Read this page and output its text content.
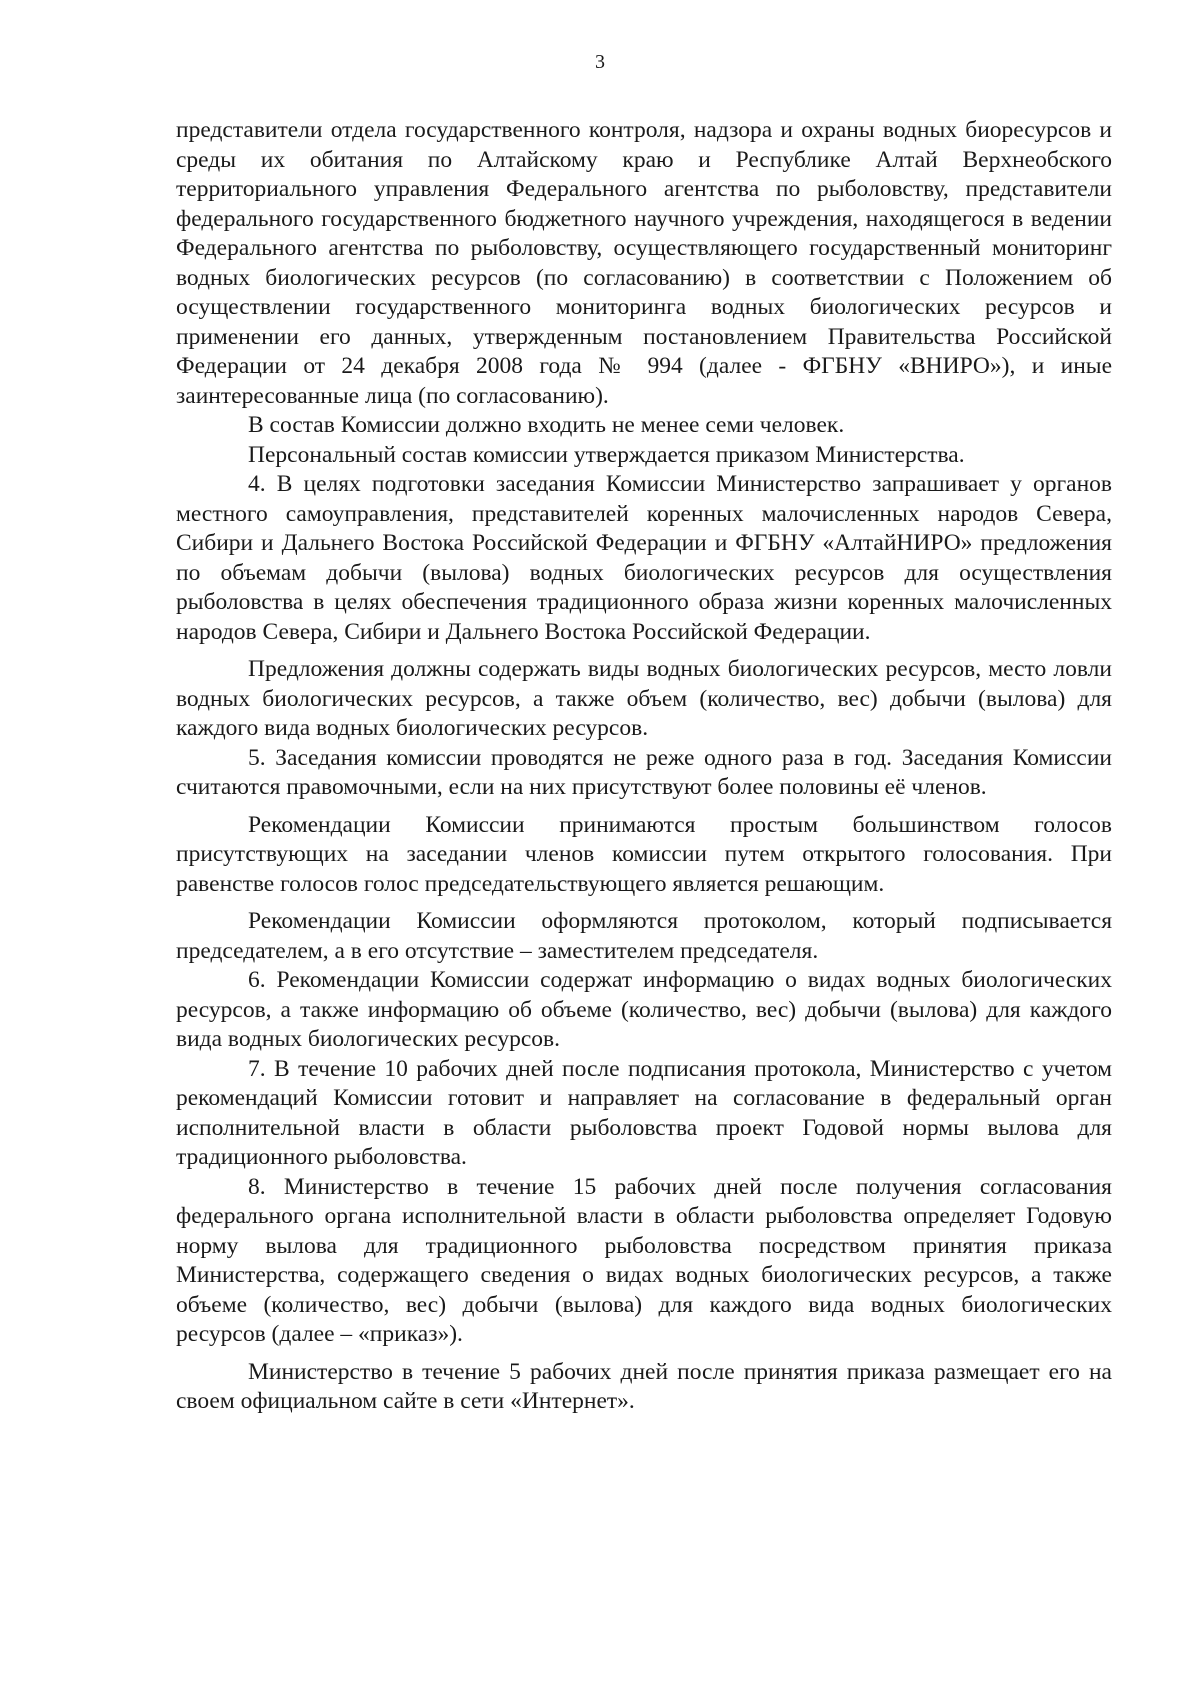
3

представители отдела государственного контроля, надзора и охраны водных биоресурсов и среды их обитания по Алтайскому краю и Республике Алтай Верхнеобского территориального управления Федерального агентства по рыболовству, представители федерального государственного бюджетного научного учреждения, находящегося в ведении Федерального агентства по рыболовству, осуществляющего государственный мониторинг водных биологических ресурсов (по согласованию) в соответствии с Положением об осуществлении государственного мониторинга водных биологических ресурсов и применении его данных, утвержденным постановлением Правительства Российской Федерации от 24 декабря 2008 года № 994 (далее - ФГБНУ «ВНИРО»), и иные заинтересованные лица (по согласованию).

В состав Комиссии должно входить не менее семи человек.

Персональный состав комиссии утверждается приказом Министерства.

4. В целях подготовки заседания Комиссии Министерство запрашивает у органов местного самоуправления, представителей коренных малочисленных народов Севера, Сибири и Дальнего Востока Российской Федерации и ФГБНУ «АлтайНИРО» предложения по объемам добычи (вылова) водных биологических ресурсов для осуществления рыболовства в целях обеспечения традиционного образа жизни коренных малочисленных народов Севера, Сибири и Дальнего Востока Российской Федерации.

Предложения должны содержать виды водных биологических ресурсов, место ловли водных биологических ресурсов, а также объем (количество, вес) добычи (вылова) для каждого вида водных биологических ресурсов.

5. Заседания комиссии проводятся не реже одного раза в год. Заседания Комиссии считаются правомочными, если на них присутствуют более половины её членов.

Рекомендации Комиссии принимаются простым большинством голосов присутствующих на заседании членов комиссии путем открытого голосования. При равенстве голосов голос председательствующего является решающим.

Рекомендации Комиссии оформляются протоколом, который подписывается председателем, а в его отсутствие – заместителем председателя.

6. Рекомендации Комиссии содержат информацию о видах водных биологических ресурсов, а также информацию об объеме (количество, вес) добычи (вылова) для каждого вида водных биологических ресурсов.

7. В течение 10 рабочих дней после подписания протокола, Министерство с учетом рекомендаций Комиссии готовит и направляет на согласование в федеральный орган исполнительной власти в области рыболовства проект Годовой нормы вылова для традиционного рыболовства.

8. Министерство в течение 15 рабочих дней после получения согласования федерального органа исполнительной власти в области рыболовства определяет Годовую норму вылова для традиционного рыболовства посредством принятия приказа Министерства, содержащего сведения о видах водных биологических ресурсов, а также объеме (количество, вес) добычи (вылова) для каждого вида водных биологических ресурсов (далее – «приказ»).

Министерство в течение 5 рабочих дней после принятия приказа размещает его на своем официальном сайте в сети «Интернет».
